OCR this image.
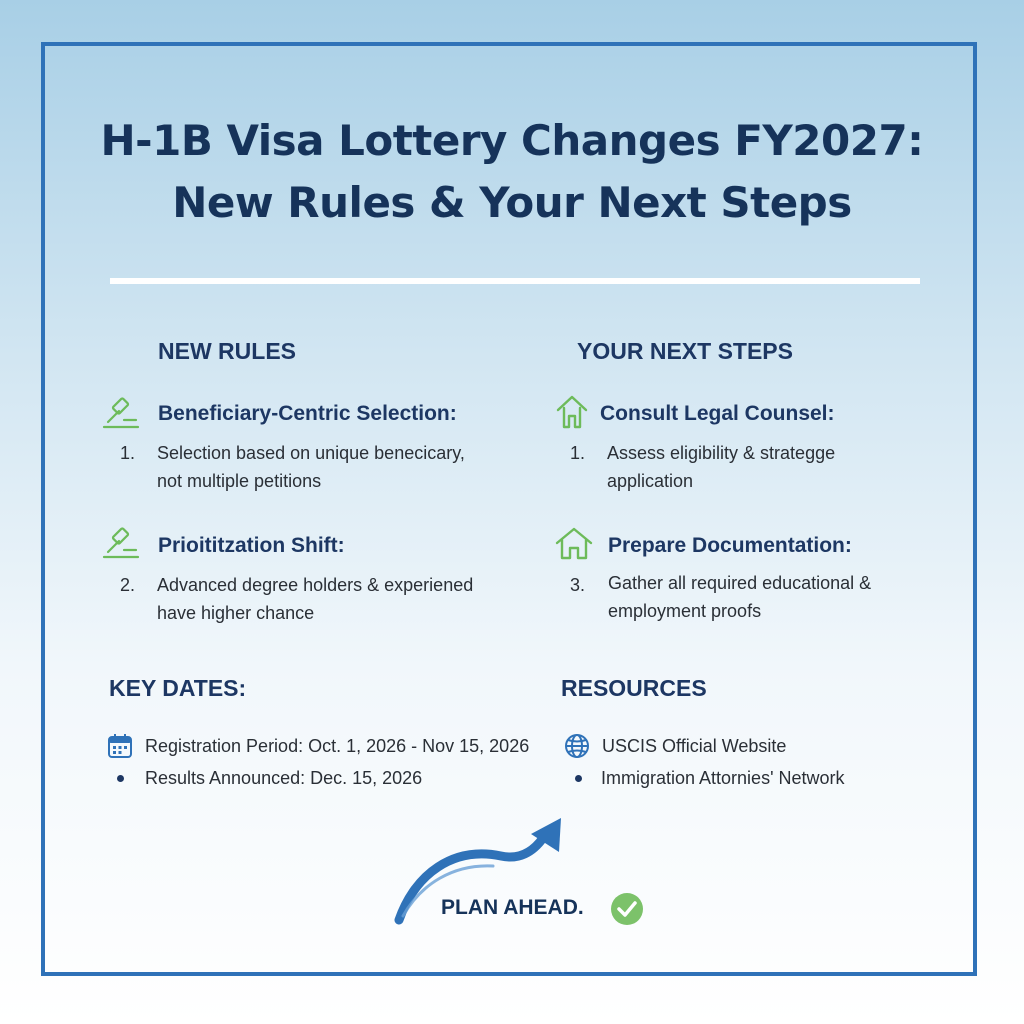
H-1B Visa Lottery Changes FY2027:
New Rules & Your Next Steps
NEW RULES
Beneficiary-Centric Selection:
1. Selection based on unique benecicary,
not multiple petitions
Prioititzation Shift:
2. Advanced degree holders & experiened
have higher chance
YOUR NEXT STEPS
Consult Legal Counsel:
1. Assess eligibility & strategge
application
Prepare Documentation:
3. Gather all required educational &
employment proofs
KEY DATES:
Registration Period: Oct. 1, 2026 - Nov 15, 2026
Results Announced: Dec. 15, 2026
RESOURCES
USCIS Official Website
Immigration Attornies' Network
PLAN AHEAD.
